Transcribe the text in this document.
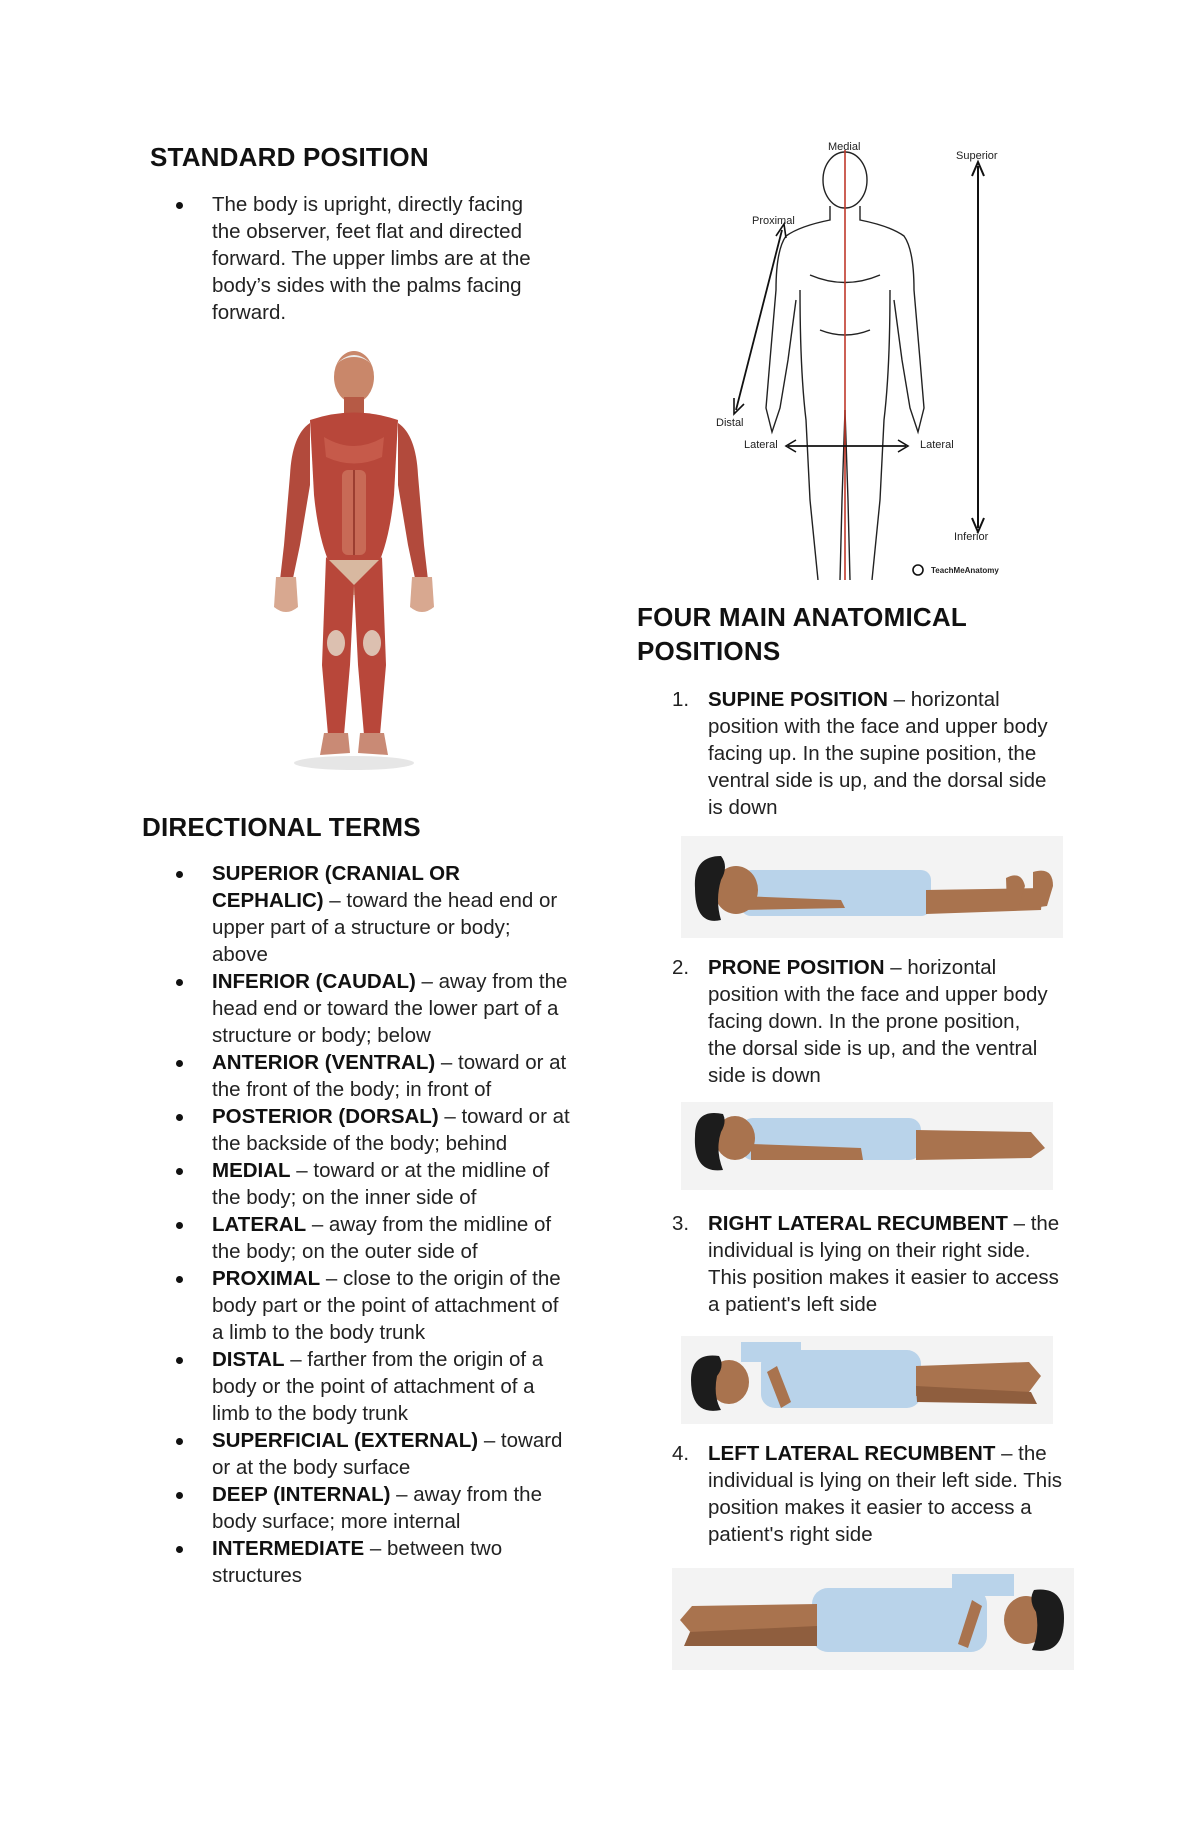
STANDARD POSITION
The body is upright, directly facing the observer, feet flat and directed forward. The upper limbs are at the body’s sides with the palms facing forward.
Medial
Superior
Proximal
Distal
Lateral	Lateral
Inferior
TeachMeAnatomy
DIRECTIONAL TERMS
SUPERIOR (CRANIAL OR CEPHALIC) – toward the head end or upper part of a structure or body; above
INFERIOR (CAUDAL) – away from the head end or toward the lower part of a structure or body; below
ANTERIOR (VENTRAL) – toward or at the front of the body; in front of
POSTERIOR (DORSAL) – toward or at the backside of the body; behind
MEDIAL – toward or at the midline of the body; on the inner side of
LATERAL – away from the midline of the body; on the outer side of
PROXIMAL – close to the origin of the body part or the point of attachment of a limb to the body trunk
DISTAL – farther from the origin of a body or the point of attachment of a limb to the body trunk
SUPERFICIAL (EXTERNAL) – toward or at the body surface
DEEP (INTERNAL) – away from the body surface; more internal
INTERMEDIATE – between two structures
FOUR MAIN ANATOMICAL POSITIONS
1. SUPINE POSITION – horizontal position with the face and upper body facing up. In the supine position, the ventral side is up, and the dorsal side is down
2. PRONE POSITION – horizontal position with the face and upper body facing down. In the prone position, the dorsal side is up, and the ventral side is down
3. RIGHT LATERAL RECUMBENT – the individual is lying on their right side. This position makes it easier to access a patient's left side
4. LEFT LATERAL RECUMBENT – the individual is lying on their left side. This position makes it easier to access a patient's right side
